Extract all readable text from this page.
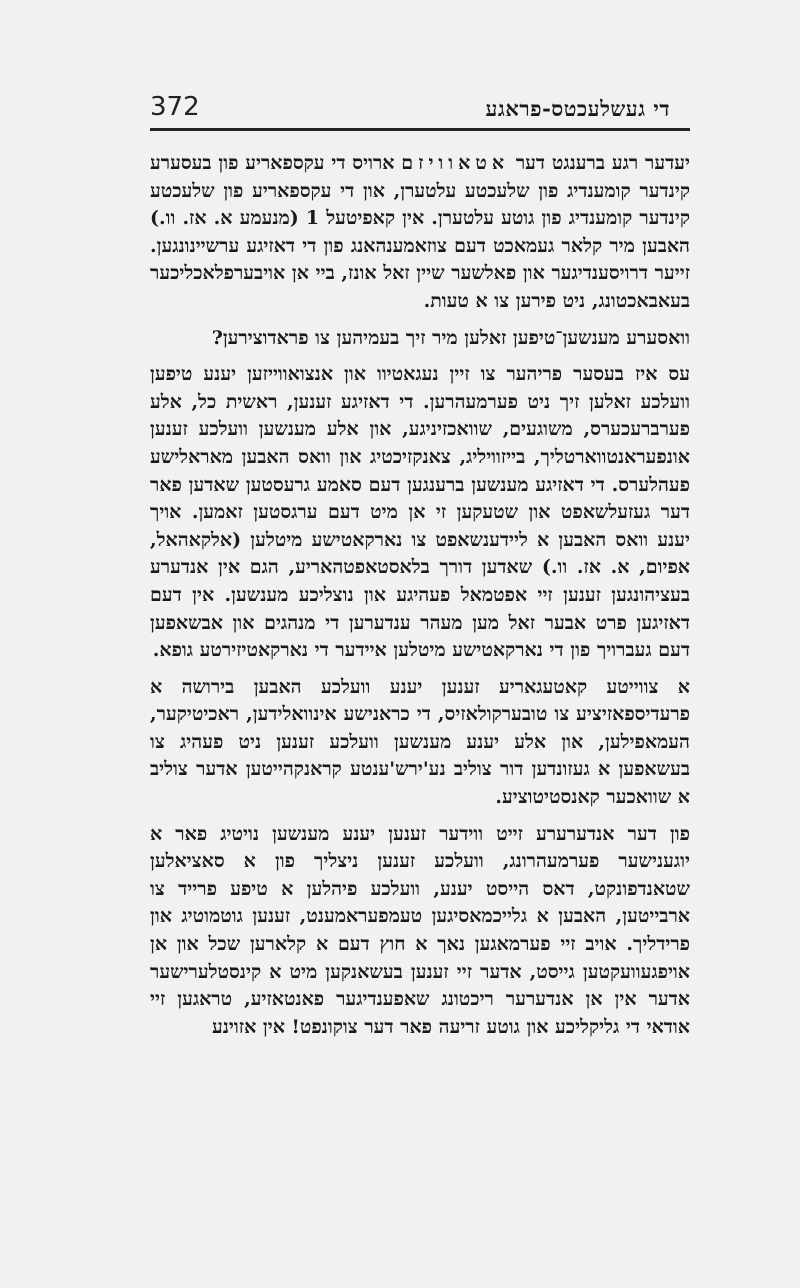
די געשלעכטס-פראגע
372

יעדער רגע ברענגט דער אטאוויזם ארויס די עקספאריע פון בעסערע קינדער קומענדיג פון שלעכטע עלטערן, און די עקספאריע פון שלעכטע קינדער קומענדיג פון גוטע עלטערן. אין קאפיטעל 1 (מנעמע א. אז. וו.) האבען מיר קלאר געמאכט דעם צוזאמענהאנג פון די דאזיגע ערשיינונגען. זייער דרויסענדיגער און פאלשער שיין זאל אונז, ביי אן אויבערפלאכליכער בעאבאכטונג, ניט פירען צו א טעות.

וואסערע מענשען־טיפען זאלען מיר זיך בעמיהען צו פראדוצירען?

עס איז בעסער פריהער צו זיין נעגאטיוו און אנצואווייזען יענע טיפען וועלכע זאלען זיך ניט פערמעהרען. די דאזיגע זענען, ראשית כל, אלע פערברעכערס, משוגעים, שוואכזיניגע, און אלע מענשען וועלכע זענען אונפעראנטווארטליך, בייזוויליג, צאנקזיכטיג און וואס האבען מאראלישע פעהלערס. די דאזיגע מענשען ברענגען דעם סאמע גרעסטען שאדען פאר דער געזעלשאפט און שטעקען זי אן מיט דעם ערגסטען זאמען. אויך יענע וואס האבען א ליידענשאפט צו נארקאטישע מיטלען (אלקאהאל, אפיום, א. אז. וו.) שאדען דורך בלאסטאפטהאריע, הגם אין אנדערע בעציהונגען זענען זיי אפטמאל פעהיגע און נוצליכע מענשען. אין דעם דאזיגען פרט אבער זאל מען מעהר ענדערען די מנהגים און אבשאפען דעם געברויך פון די נארקאטישע מיטלען איידער די נארקאטיזירטע גופא.

א צווייטע קאטעגאריע זענען יענע וועלכע האבען בירושה א פרעדיספאזיציע צו טובערקולאזיס, די כראנישע אינוואלידען, ראכיטיקער, העמאפילען, און אלע יענע מענשען וועלכע זענען ניט פעהיג צו בעשאפען א געזונדען דור צוליב נע'ירש'ענטע קראנקהייטען אדער צוליב א שוואכער קאנסטיטוציע.

פון דער אנדערערע זייט ווידער זענען יענע מענשען נויטיג פאר א יוגענישער פערמעהרונג, וועלכע זענען ניצליך פון א סאציאלען שטאנדפונקט, דאס הייסט יענע, וועלכע פיהלען א טיפע פרייד צו ארבייטען, האבען א גלייכמאסיגען טעמפעראמענט, זענען גוטמוטיג און פרידליך. אויב זיי פערמאגען נאך א חוץ דעם א קלארען שכל און אן אויפגעוועקטען גייסט, אדער זיי זענען בעשאנקען מיט א קינסטלערישער אדער אין אן אנדערער ריכטונג שאפענדיגער פאנטאזיע, טראגען זיי אודאי די גליקליכע און גוטע זריעה פאר דער צוקונפט! אין אזוינע
